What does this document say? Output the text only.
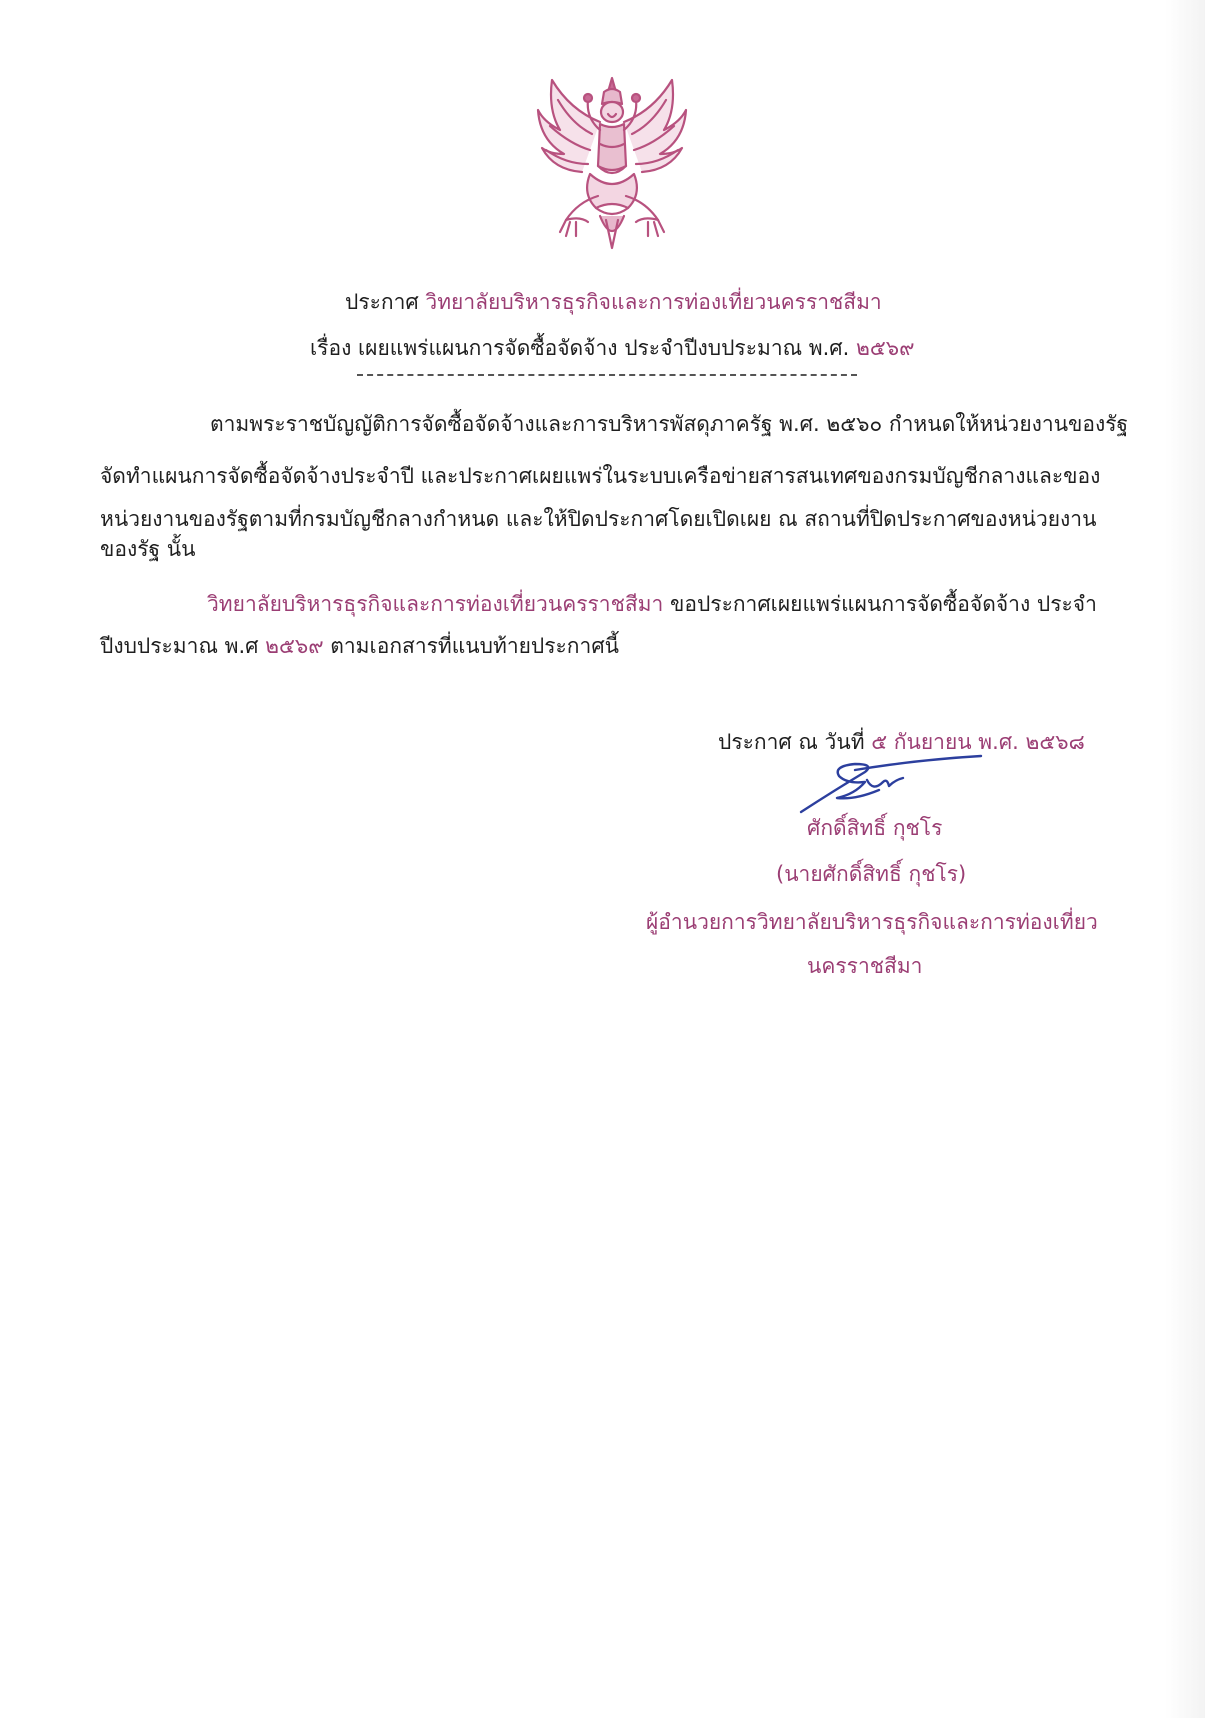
ประกาศ วิทยาลัยบริหารธุรกิจและการท่องเที่ยวนครราชสีมา
เรื่อง เผยแพร่แผนการจัดซื้อจัดจ้าง ประจำปีงบประมาณ พ.ศ. ๒๕๖๙
ตามพระราชบัญญัติการจัดซื้อจัดจ้างและการบริหารพัสดุภาครัฐ พ.ศ. ๒๕๖๐ กำหนดให้หน่วยงานของรัฐ
จัดทำแผนการจัดซื้อจัดจ้างประจำปี และประกาศเผยแพร่ในระบบเครือข่ายสารสนเทศของกรมบัญชีกลางและของ
หน่วยงานของรัฐตามที่กรมบัญชีกลางกำหนด และให้ปิดประกาศโดยเปิดเผย ณ สถานที่ปิดประกาศของหน่วยงาน
ของรัฐ นั้น
วิทยาลัยบริหารธุรกิจและการท่องเที่ยวนครราชสีมา ขอประกาศเผยแพร่แผนการจัดซื้อจัดจ้าง ประจำ
ปีงบประมาณ พ.ศ ๒๕๖๙ ตามเอกสารที่แนบท้ายประกาศนี้
ประกาศ ณ วันที่ ๕ กันยายน พ.ศ. ๒๕๖๘
ศักดิ์สิทธิ์ กุชโร
(นายศักดิ์สิทธิ์ กุชโร)
ผู้อำนวยการวิทยาลัยบริหารธุรกิจและการท่องเที่ยว
นครราชสีมา
